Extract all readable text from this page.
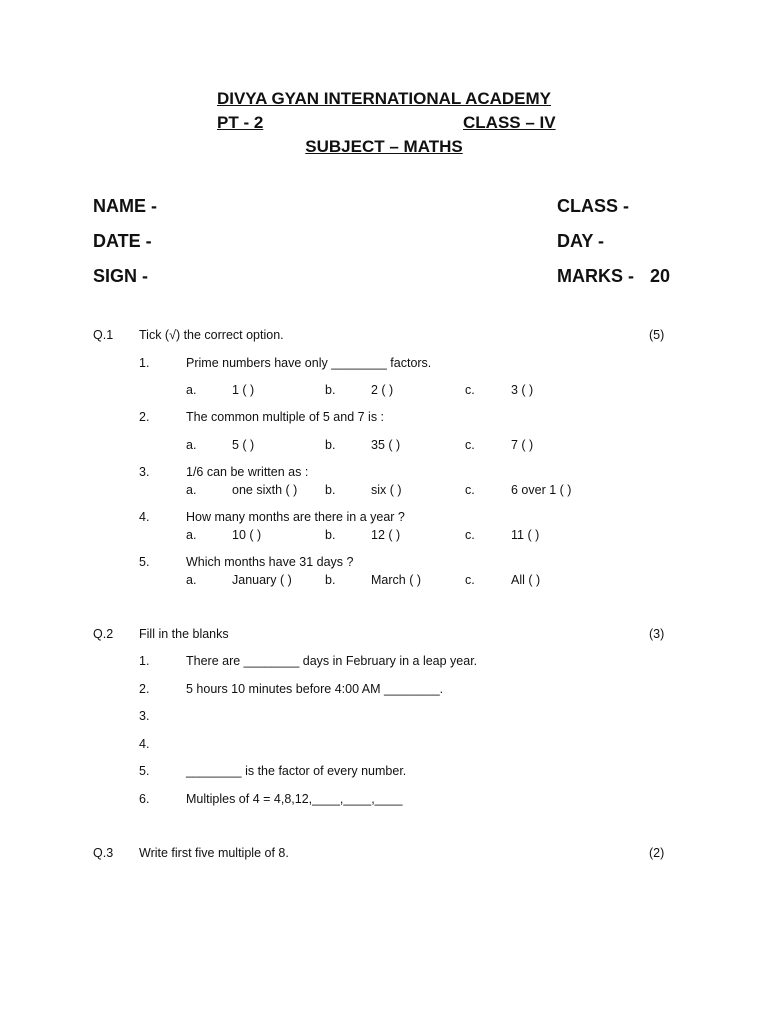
DIVYA GYAN INTERNATIONAL ACADEMY
PT - 2	CLASS – IV
SUBJECT – MATHS
NAME -	CLASS -
DATE -	DAY -
SIGN -	MARKS - 20
Q.1 Tick (√) the correct option.	(5)
1.	Prime numbers have only ________ factors.
a.	1 ( )	b.	2 ( )	c.	3 ( )
2.	The common multiple of 5 and 7 is :
a.	5 ( )	b.	35 ( )	c.	7 ( )
3.	1/6 can be written as :
a.	one sixth ( ) b.	six ( )	c.	6 over 1 ( )
4.	How many months are there in a year ?
a.	10 ( )	b.	12 ( )	c.	11 ( )
5.	Which months have 31 days ?
a.	January ( )	b.	March ( )	c.	All ( )
Q.2 Fill in the blanks	(3)
1.	There are ________ days in February in a leap year.
2.	5 hours 10 minutes before 4:00 AM ________.
3.
4.
5.	________ is the factor of every number.
6.	Multiples of 4 = 4,8,12,____,____,____
Q.3 Write first five multiple of 8.	(2)
